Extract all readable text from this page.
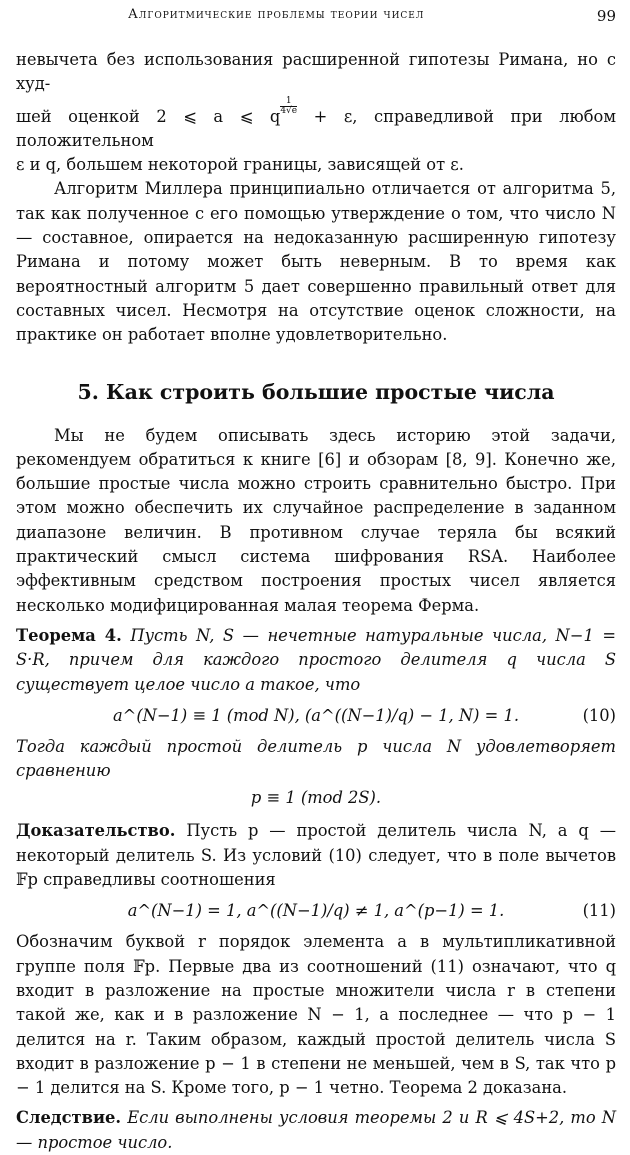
Алгоритмические проблемы теории чисел	99

невычета без использования расширенной гипотезы Римана, но с худ-
шей оценкой 2 ⩽ a ⩽ q
$\frac{1}{4√e}$
+ ε, справедливой при любом положительном
ε и q, большем некоторой границы, зависящей от ε.

Алгоритм Миллера принципиально отличается от алгоритма 5, так как полученное с его помощью утверждение о том, что число N — составное, опирается на недоказанную расширенную гипотезу Римана и потому может быть неверным. В то время как вероятностный алгоритм 5 дает совершенно правильный ответ для составных чисел. Несмотря на отсутствие оценок сложности, на практике он работает вполне удовлетворительно.

5. Как строить большие простые числа

Мы не будем описывать здесь историю этой задачи, рекомендуем обратиться к книге [6] и обзорам [8, 9]. Конечно же, большие простые числа можно строить сравнительно быстро. При этом можно обеспечить их случайное распределение в заданном диапазоне величин. В противном случае теряла бы всякий практический смысл система шифрования RSA. Наиболее эффективным средством построения простых чисел является несколько модифицированная малая теорема Ферма.

Теорема 4. Пусть N, S — нечетные натуральные числа, N−1 = S·R, причем для каждого простого делителя q числа S существует целое число a такое, что

a^(N−1) ≡ 1 (mod N), (a^((N−1)/q) − 1, N) = 1.	(10)

Тогда каждый простой делитель p числа N удовлетворяет сравнению

p ≡ 1 (mod 2S).

Доказательство. Пусть p — простой делитель числа N, а q — некоторый делитель S. Из условий (10) следует, что в поле вычетов 𝔽p справедливы соотношения

a^(N−1) = 1, a^((N−1)/q) ≠ 1, a^(p−1) = 1.	(11)

Обозначим буквой r порядок элемента a в мультипликативной группе поля 𝔽p. Первые два из соотношений (11) означают, что q входит в разложение на простые множители числа r в степени такой же, как и в разложение N − 1, а последнее — что p − 1 делится на r. Таким образом, каждый простой делитель числа S входит в разложение p − 1 в степени не меньшей, чем в S, так что p − 1 делится на S. Кроме того, p − 1 четно. Теорема 2 доказана.

Следствие. Если выполнены условия теоремы 2 и R ⩽ 4S+2, то N — простое число.
